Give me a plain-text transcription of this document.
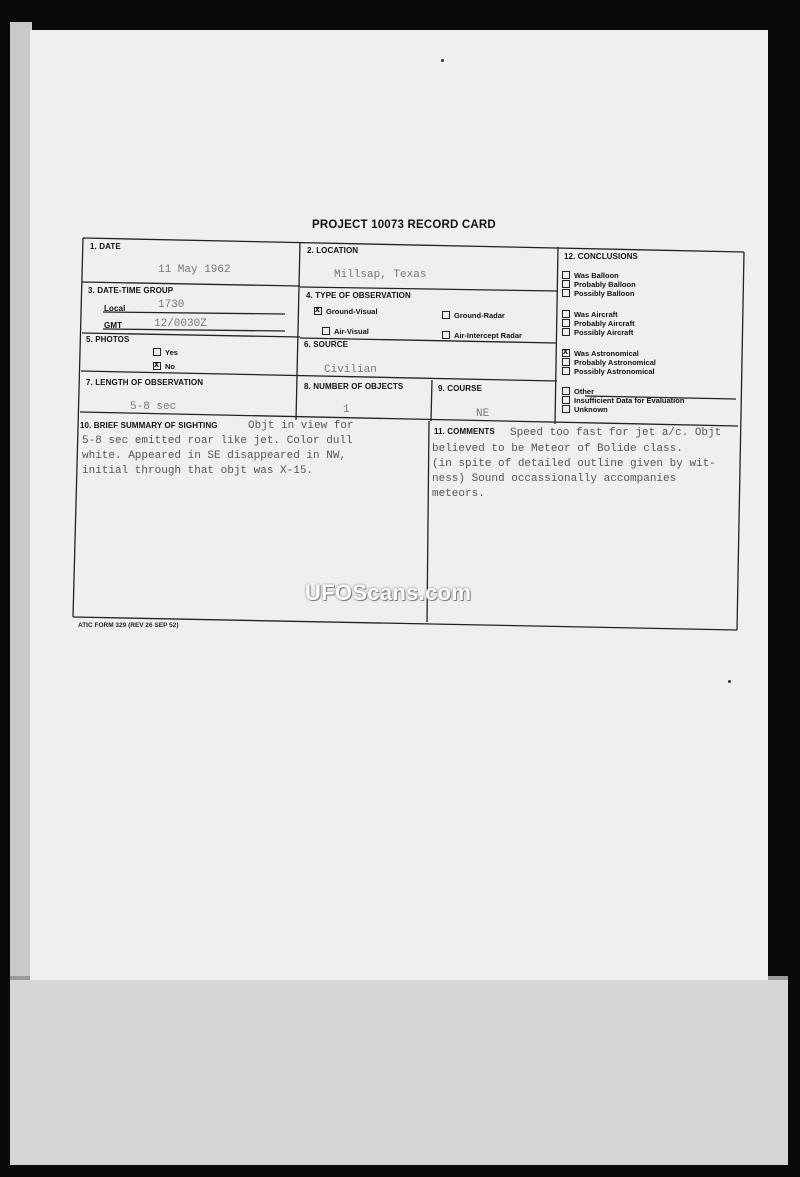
PROJECT 10073 RECORD CARD
1. DATE
11 May 1962
2. LOCATION
Millsap, Texas
3. DATE-TIME GROUP
Local	1730
GMT	12/0030Z
4. TYPE OF OBSERVATION
xGround-Visual	Ground-Radar
Air-Visual	Air-Intercept Radar
5. PHOTOS
Yes
xNo
6. SOURCE
Civilian
7. LENGTH OF OBSERVATION
5-8 sec
8. NUMBER OF OBJECTS
1
9. COURSE
NE
12. CONCLUSIONS
Was Balloon
Probably Balloon
Possibly Balloon
Was Aircraft
Probably Aircraft
Possibly Aircraft
xWas Astronomical
Probably Astronomical
Possibly Astronomical
Other
Insufficient Data for Evaluation
Unknown
10. BRIEF SUMMARY OF SIGHTING	Objt in view for
5-8 sec emitted roar like jet. Color dull
white. Appeared in SE disappeared in NW,
initial through that objt was X-15.
11. COMMENTS Speed too fast for jet a/c. Objt
believed to be Meteor of Bolide class.
(in spite of detailed outline given by wit-
ness) Sound occassionally accompanies
meteors.
ATIC FORM 329 (REV 26 SEP 52)
UFOScans.com
